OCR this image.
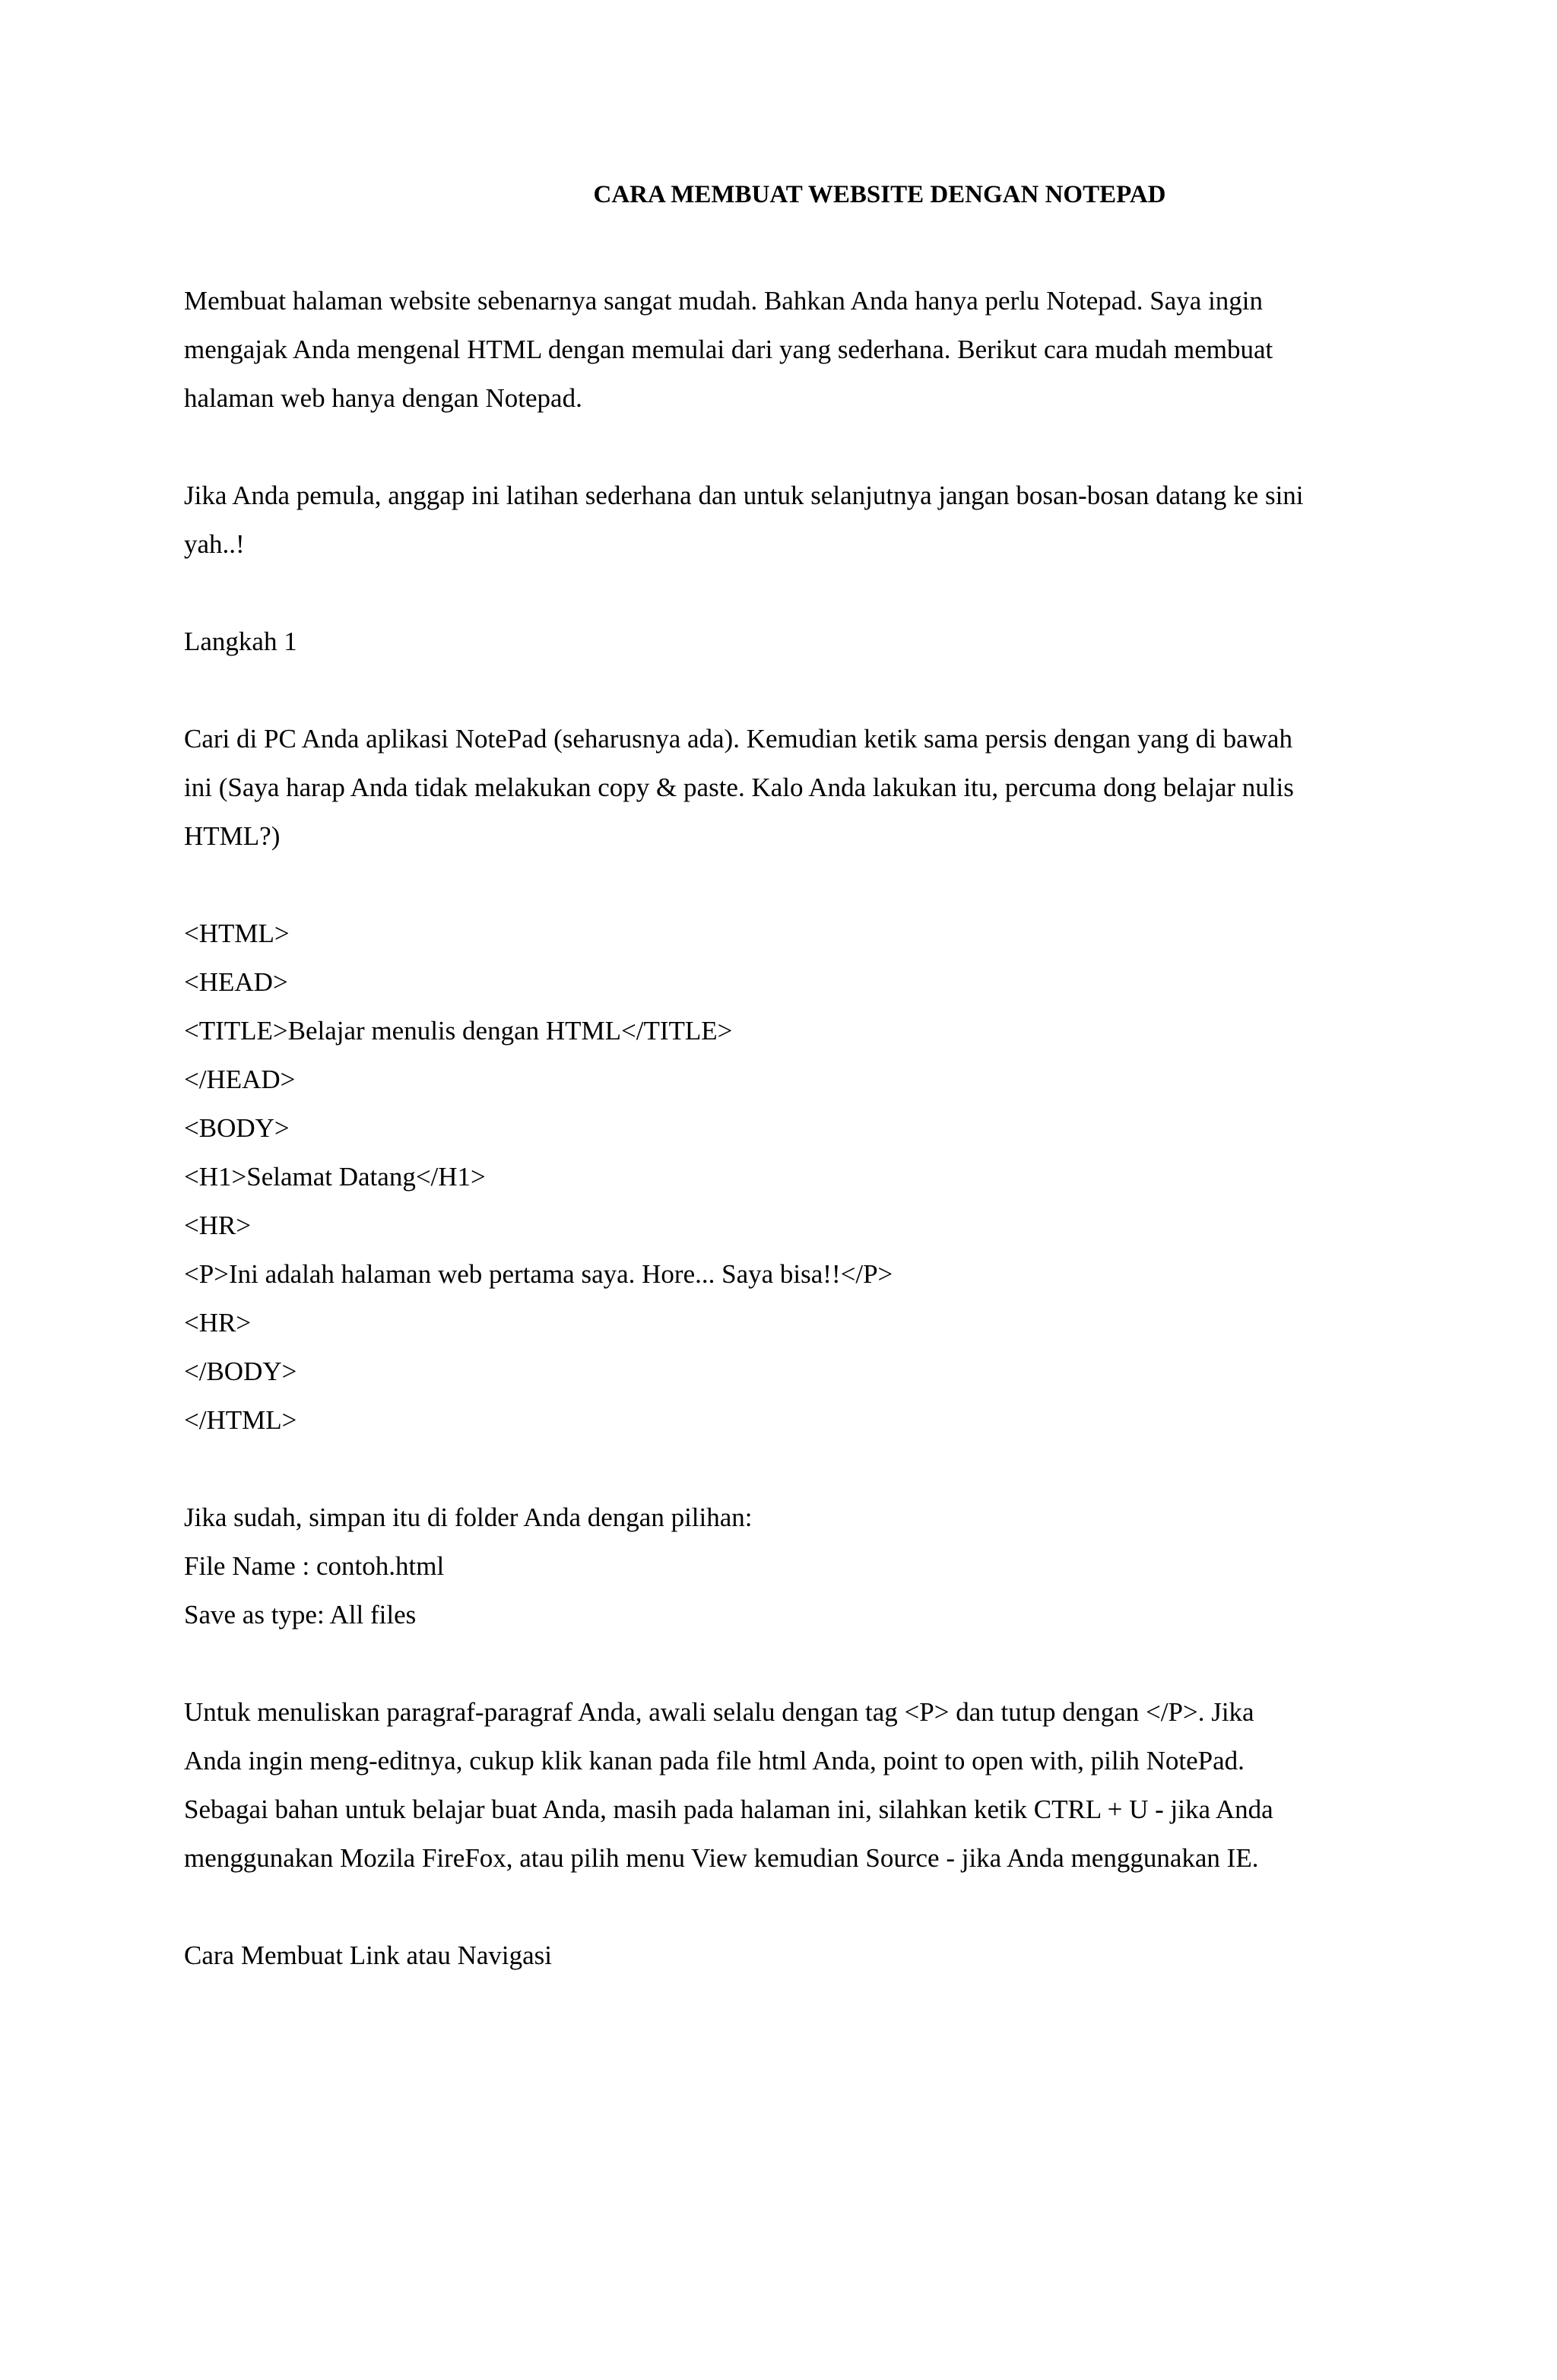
CARA MEMBUAT WEBSITE DENGAN NOTEPAD
Membuat halaman website sebenarnya sangat mudah. Bahkan Anda hanya perlu Notepad. Saya ingin
mengajak Anda mengenal HTML dengan memulai dari yang sederhana. Berikut cara mudah membuat
halaman web hanya dengan Notepad.
Jika Anda pemula, anggap ini latihan sederhana dan untuk selanjutnya jangan bosan-bosan datang ke sini
yah..!
Langkah 1
Cari di PC Anda aplikasi NotePad (seharusnya ada). Kemudian ketik sama persis dengan yang di bawah
ini (Saya harap Anda tidak melakukan copy & paste. Kalo Anda lakukan itu, percuma dong belajar nulis
HTML?)
<HTML>
<HEAD>
<TITLE>Belajar menulis dengan HTML</TITLE>
</HEAD>
<BODY>
<H1>Selamat Datang</H1>
<HR>
<P>Ini adalah halaman web pertama saya. Hore... Saya bisa!!</P>
<HR>
</BODY>
</HTML>
Jika sudah, simpan itu di folder Anda dengan pilihan:
File Name : contoh.html
Save as type: All files
Untuk menuliskan paragraf-paragraf Anda, awali selalu dengan tag <P> dan tutup dengan </P>. Jika
Anda ingin meng-editnya, cukup klik kanan pada file html Anda, point to open with, pilih NotePad.
Sebagai bahan untuk belajar buat Anda, masih pada halaman ini, silahkan ketik CTRL + U - jika Anda
menggunakan Mozila FireFox, atau pilih menu View kemudian Source - jika Anda menggunakan IE.
Cara Membuat Link atau Navigasi
